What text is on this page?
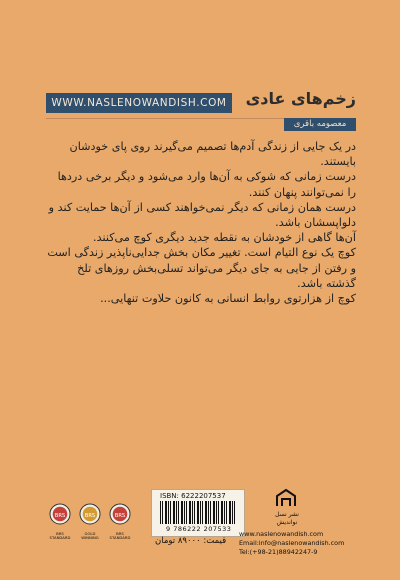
WWW.NASLENOWANDISH.COM	زخم‌های عادی
معصومه باقری

در یک جایی از زندگی آدم‌ها تصمیم می‌گیرند روی پای خودشان بایستند.

درست زمانی که شوکی به آن‌ها وارد می‌شود و دیگر برخی دردها را نمی‌توانند پنهان کنند.

درست همان زمانی که دیگر نمی‌خواهند کسی از آن‌ها حمایت کند و دلواپسشان باشد.

آن‌ها گاهی از خودشان به نقطه جدید دیگری کوچ می‌کنند.

کوچ یک نوع التیام است. تغییر مکان بخش جدایی‌ناپذیر زندگی است

و رفتن از جایی به جای دیگر می‌تواند تسلی‌بخش روزهای تلخ گذشته باشد.

کوچ از هزارتوی روابط انسانی به کانون حلاوت تنهایی...

BRS	BRS	BRS
BRS STANDARD
GOLD WINNING
BRS STANDARD
ISBN: 6222207537
9 786222 207533
قیمت: ۸۹۰۰۰ تومان
نشر نسل نواندیش
www.naslenowandish.com
Email:info@naslenowandish.com
Tel:(+98-21)88942247-9
